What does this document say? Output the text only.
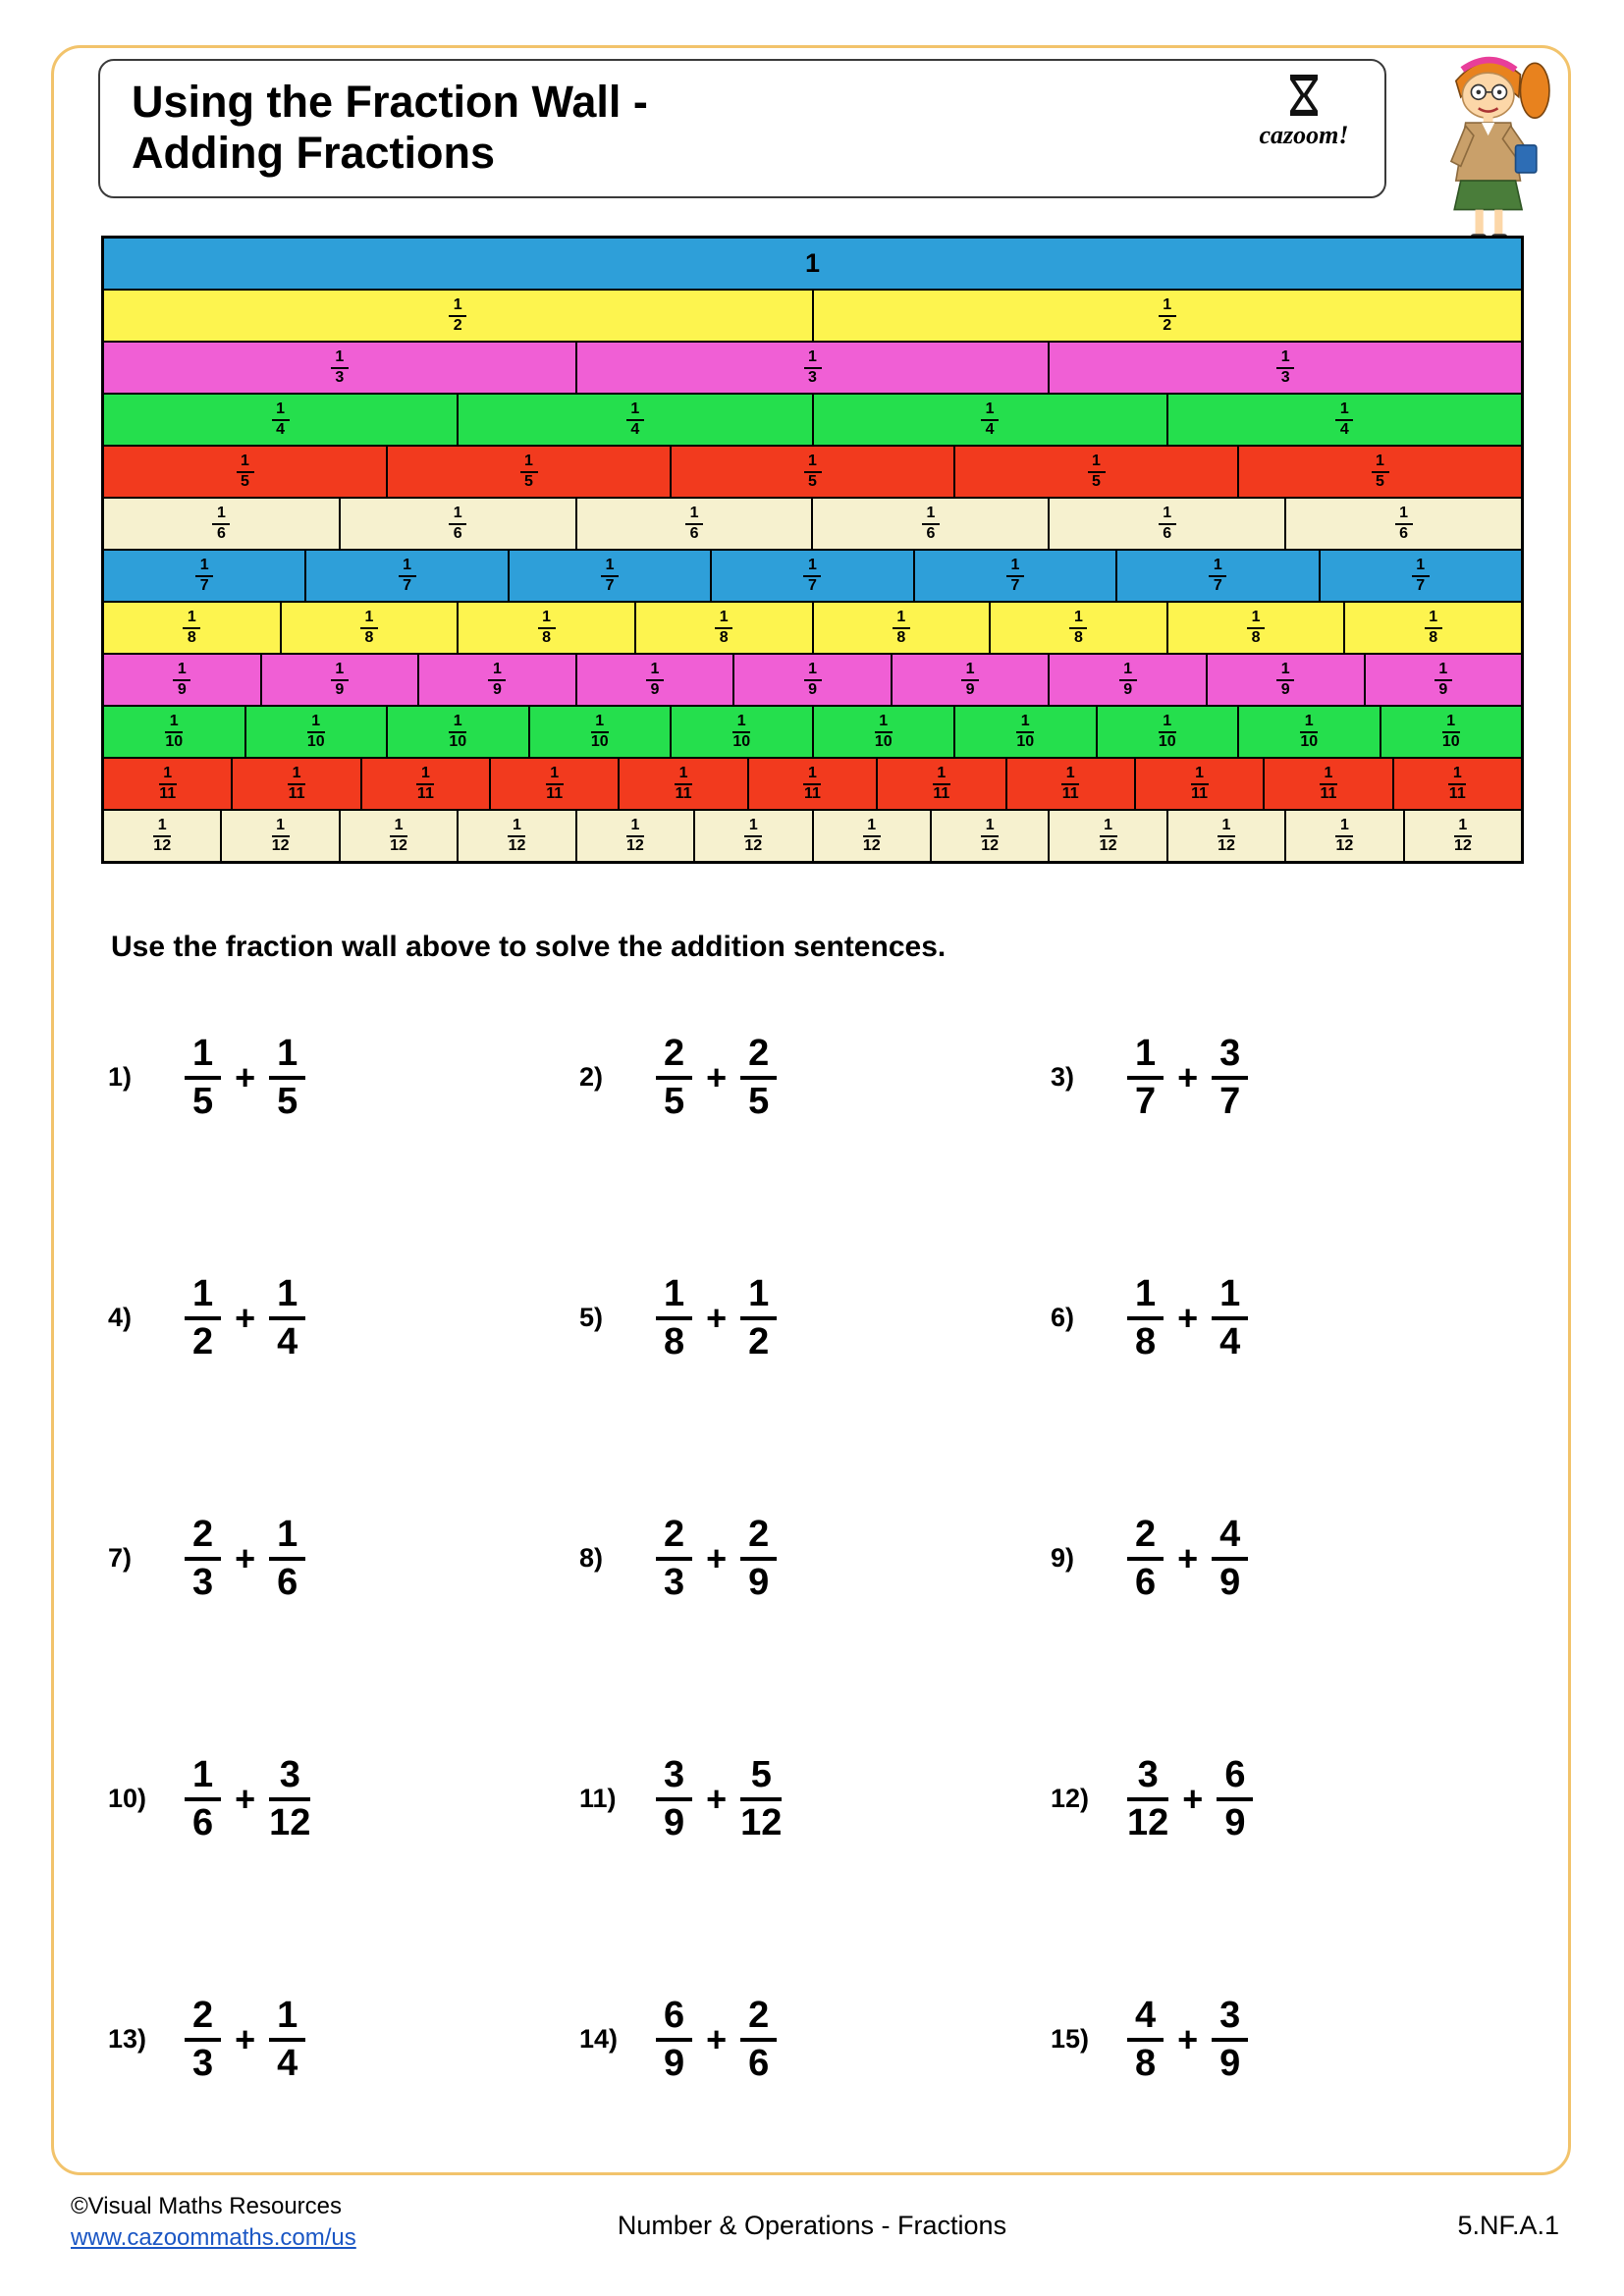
Using the Fraction Wall -
Adding Fractions	cazoom!
1
$\frac{1}{2}$	$\frac{1}{2}$
$\frac{1}{3}$	$\frac{1}{3}$	$\frac{1}{3}$
$\frac{1}{4}$	$\frac{1}{4}$	$\frac{1}{4}$	$\frac{1}{4}$
$\frac{1}{5}$	$\frac{1}{5}$	$\frac{1}{5}$	$\frac{1}{5}$	$\frac{1}{5}$
$\frac{1}{6}$	$\frac{1}{6}$	$\frac{1}{6}$	$\frac{1}{6}$	$\frac{1}{6}$	$\frac{1}{6}$
$\frac{1}{7}$	$\frac{1}{7}$	$\frac{1}{7}$	$\frac{1}{7}$	$\frac{1}{7}$	$\frac{1}{7}$	$\frac{1}{7}$
$\frac{1}{8}$	$\frac{1}{8}$	$\frac{1}{8}$	$\frac{1}{8}$	$\frac{1}{8}$	$\frac{1}{8}$	$\frac{1}{8}$	$\frac{1}{8}$
$\frac{1}{9}$	$\frac{1}{9}$	$\frac{1}{9}$	$\frac{1}{9}$	$\frac{1}{9}$	$\frac{1}{9}$	$\frac{1}{9}$	$\frac{1}{9}$	$\frac{1}{9}$
$\frac{1}{10}$	$\frac{1}{10}$	$\frac{1}{10}$	$\frac{1}{10}$	$\frac{1}{10}$	$\frac{1}{10}$	$\frac{1}{10}$	$\frac{1}{10}$	$\frac{1}{10}$	$\frac{1}{10}$
$\frac{1}{11}$	$\frac{1}{11}$	$\frac{1}{11}$	$\frac{1}{11}$	$\frac{1}{11}$	$\frac{1}{11}$	$\frac{1}{11}$	$\frac{1}{11}$	$\frac{1}{11}$	$\frac{1}{11}$	$\frac{1}{11}$
$\frac{1}{12}$	$\frac{1}{12}$	$\frac{1}{12}$	$\frac{1}{12}$	$\frac{1}{12}$	$\frac{1}{12}$	$\frac{1}{12}$	$\frac{1}{12}$	$\frac{1}{12}$	$\frac{1}{12}$	$\frac{1}{12}$	$\frac{1}{12}$
Use the fraction wall above to solve the addition sentences.
1)
1
5
+ $\frac{1}{5}$	2)
2
5
+ $\frac{2}{5}$	3)
1
7
+ $\frac{3}{7}$
4)
1
2
+ $\frac{1}{4}$	5)
1
8
+ $\frac{1}{2}$	6)
1
8
+ $\frac{1}{4}$
7)
2
3
+ $\frac{1}{6}$	8)
2
3
+ $\frac{2}{9}$	9)
2
6
+ $\frac{4}{9}$
10)
1
6
+ $\frac{3}{12}$	11)
3
9
+ $\frac{5}{12}$	12)
3
12
+ $\frac{6}{9}$
13)
2
3
+ $\frac{1}{4}$	14)
6
9
+ $\frac{2}{6}$	15)
4
8
+ $\frac{3}{9}$
©Visual Maths Resources
www.cazoommaths.com/us	Number & Operations - Fractions	5.NF.A.1
